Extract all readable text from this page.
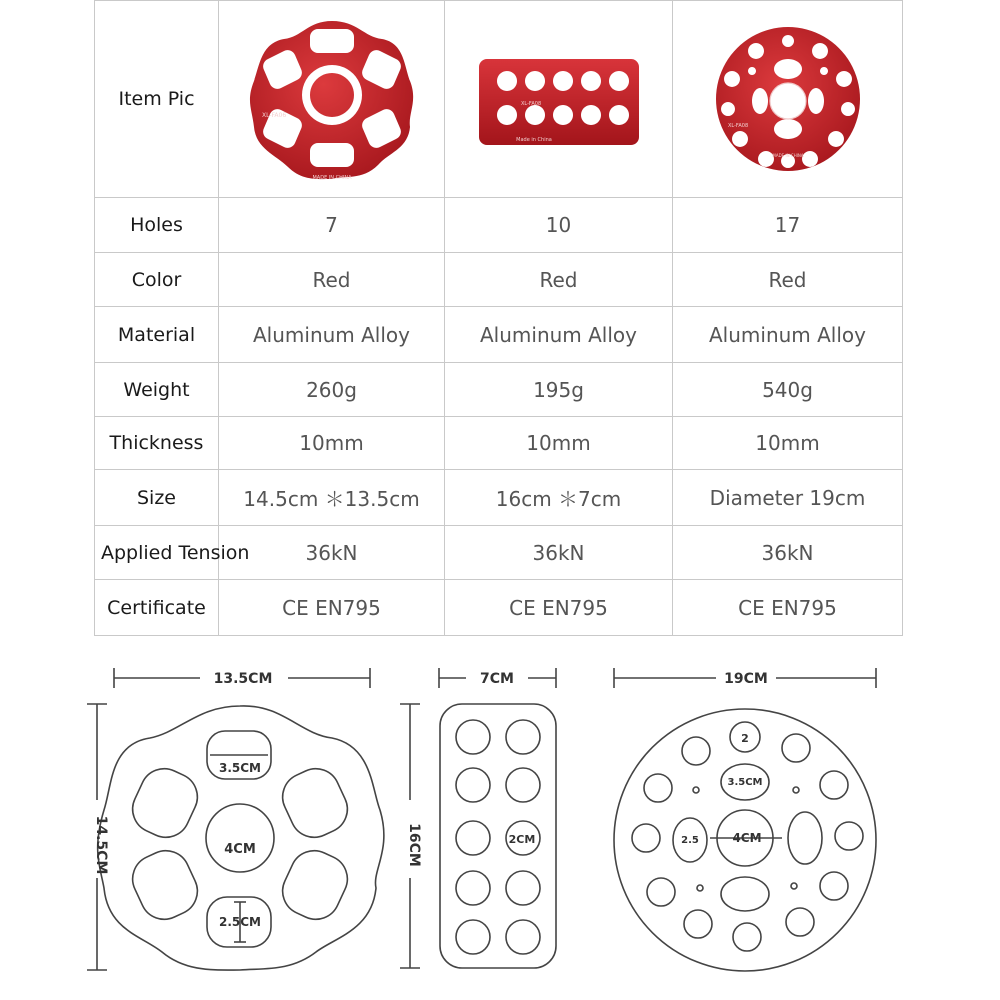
Item Pic	XL-FA06
MADE IN CHINA	XL-FA08
Made in China	XL-FA08
MADE IN CHINA

Holes	7	10	17
Color	Red	Red	Red
Material	Aluminum Alloy	Aluminum Alloy	Aluminum Alloy
Weight	260g	195g	540g
Thickness	10mm	10mm	10mm
Size	14.5cm ＊13.5cm	16cm ＊7cm	Diameter 19cm
Applied Tension	36kN	36kN	36kN
Certificate	CE EN795	CE EN795	CE EN795
13.5CM
14.5CM
3.5CM
4CM
2.5CM
7CM
16CM	2CM
19CM
2
3.5CM
4CM
2.5
